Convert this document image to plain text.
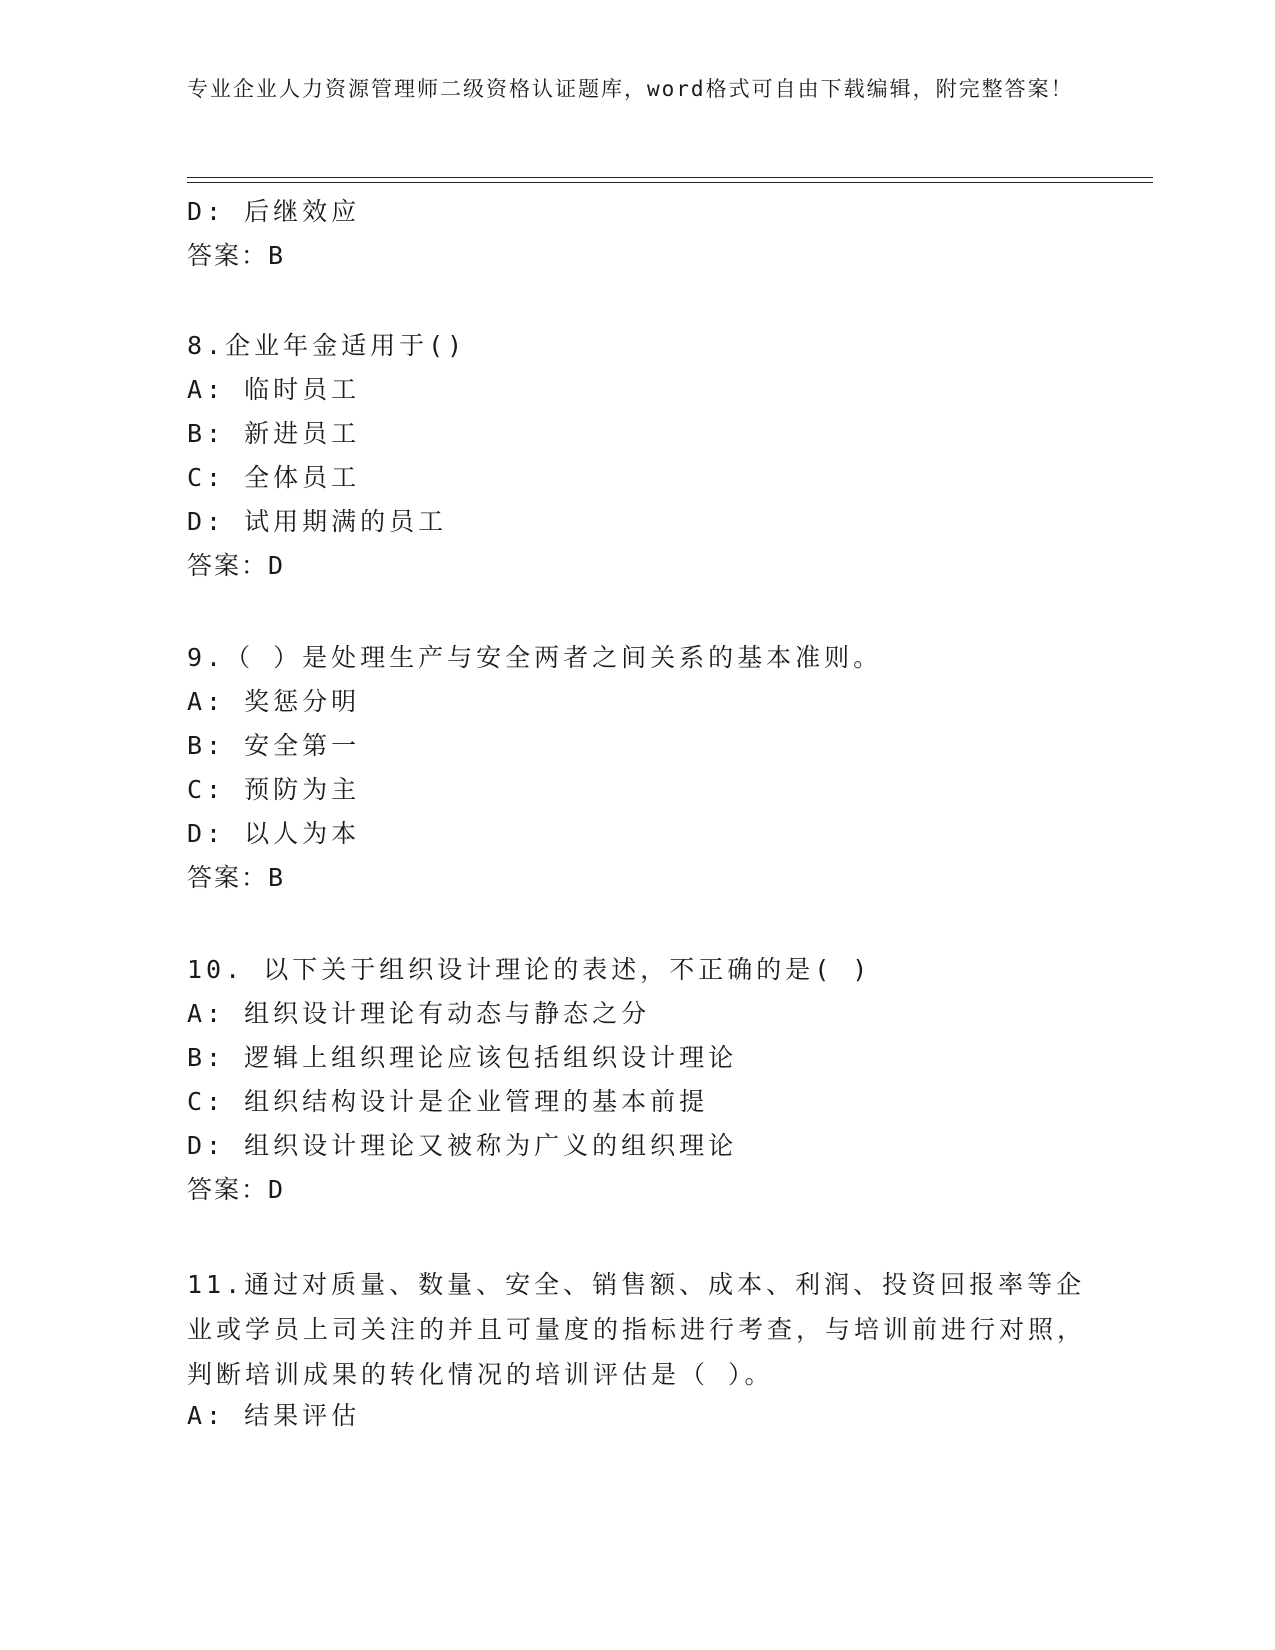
专业企业人力资源管理师二级资格认证题库，word格式可自由下载编辑，附完整答案！
D: 后继效应
答案：B
8.企业年金适用于()
A: 临时员工
B: 新进员工
C: 全体员工
D: 试用期满的员工
答案：D
9.（ ）是处理生产与安全两者之间关系的基本准则。
A: 奖惩分明
B: 安全第一
C: 预防为主
D: 以人为本
答案：B
10. 以下关于组织设计理论的表述，不正确的是( )
A: 组织设计理论有动态与静态之分
B: 逻辑上组织理论应该包括组织设计理论
C: 组织结构设计是企业管理的基本前提
D: 组织设计理论又被称为广义的组织理论
答案：D
11.通过对质量、数量、安全、销售额、成本、利润、投资回报率等企业或学员上司关注的并且可量度的指标进行考查，与培训前进行对照，判断培训成果的转化情况的培训评估是（ ）。
A: 结果评估
